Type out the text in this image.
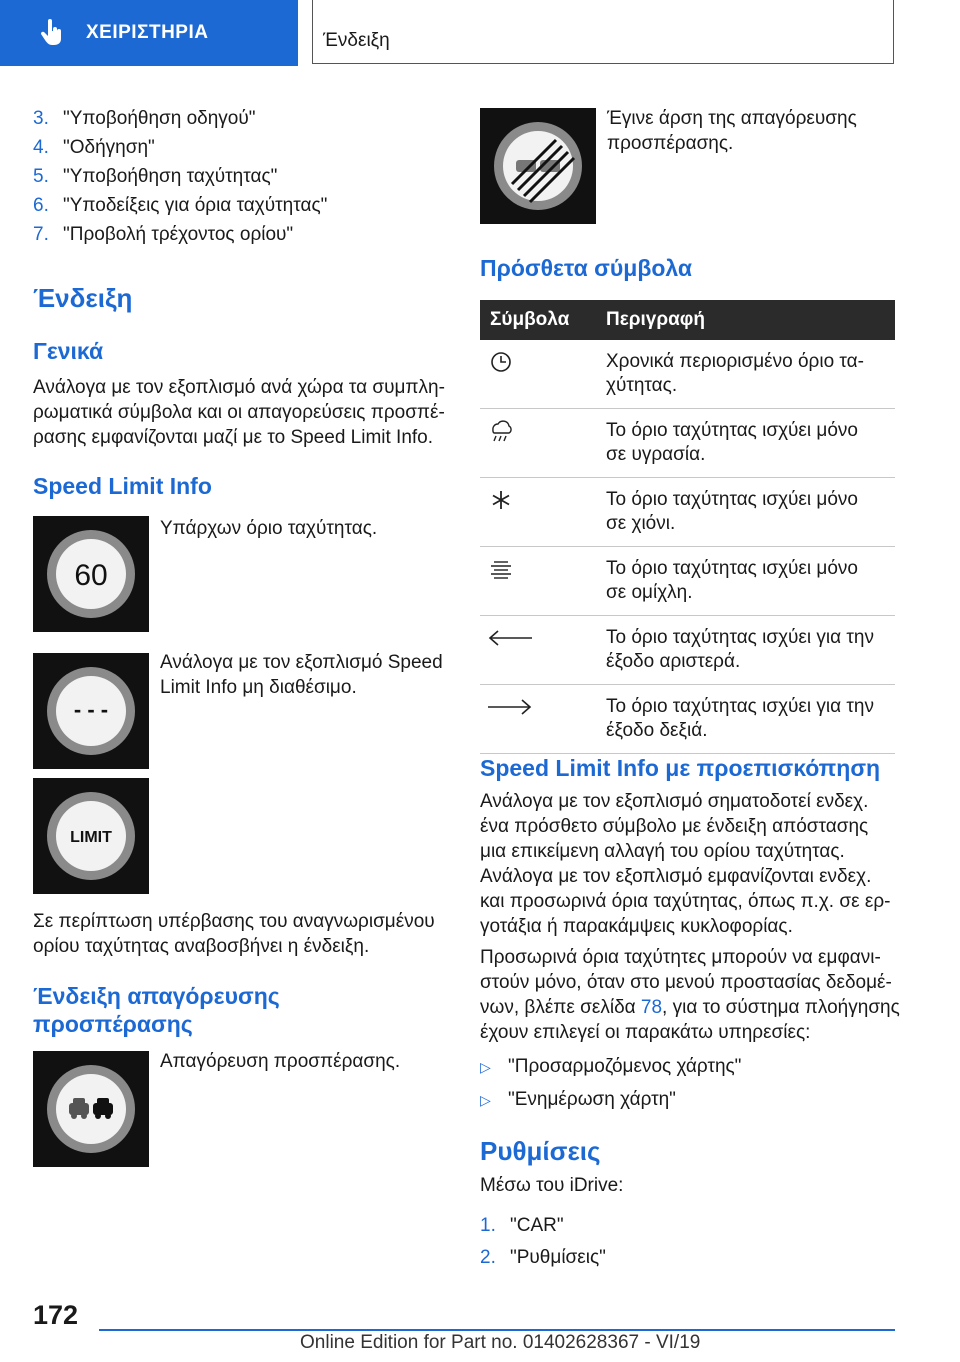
ΧΕΙΡΙΣΤΗΡΙΑ	Ένδειξη
3. "Υποβοήθηση οδηγού"
4. "Οδήγηση"
5. "Υποβοήθηση ταχύτητας"
6. "Υποδείξεις για όρια ταχύτητας"
7. "Προβολή τρέχοντος ορίου"
Ένδειξη
Γενικά
Ανάλογα με τον εξοπλισμό ανά χώρα τα συμπλη-
ρωματικά σύμβολα και οι απαγορεύσεις προσπέ-
ρασης εμφανίζονται μαζί με το Speed Limit Info.
Speed Limit Info
60
Υπάρχων όριο ταχύτητας.
- - -
Ανάλογα με τον εξοπλισμό Speed
Limit Info μη διαθέσιμο.
LIMIT
Σε περίπτωση υπέρβασης του αναγνωρισμένου
ορίου ταχύτητας αναβοσβήνει η ένδειξη.
Ένδειξη απαγόρευσης
προσπέρασης
Απαγόρευση προσπέρασης.
Έγινε άρση της απαγόρευσης
προσπέρασης.
Πρόσθετα σύμβολα
Σύμβολα	Περιγραφή

Χρονικά περιορισμένο όριο τα-
χύτητας.

Το όριο ταχύτητας ισχύει μόνο
σε υγρασία.

Το όριο ταχύτητας ισχύει μόνο
σε χιόνι.

Το όριο ταχύτητας ισχύει μόνο
σε ομίχλη.

Το όριο ταχύτητας ισχύει για την
έξοδο αριστερά.

Το όριο ταχύτητας ισχύει για την
έξοδο δεξιά.
Speed Limit Info με προεπισκόπηση
Ανάλογα με τον εξοπλισμό σηματοδοτεί ενδεχ.
ένα πρόσθετο σύμβολο με ένδειξη απόστασης
μια επικείμενη αλλαγή του ορίου ταχύτητας.
Ανάλογα με τον εξοπλισμό εμφανίζονται ενδεχ.
και προσωρινά όρια ταχύτητας, όπως π.χ. σε ερ-
γοτάξια ή παρακάμψεις κυκλοφορίας.
Προσωρινά όρια ταχύτητες μπορούν να εμφανι-
στούν μόνο, όταν στο μενού προστασίας δεδομέ-
νων, βλέπε σελίδα 78, για το σύστημα πλοήγησης
έχουν επιλεγεί οι παρακάτω υπηρεσίες:
▷ "Προσαρμοζόμενος χάρτης"
▷ "Ενημέρωση χάρτη"
Ρυθμίσεις
Μέσω του iDrive:
1. "CAR"
2. "Ρυθμίσεις"
172
Online Edition for Part no. 01402628367 - VI/19
